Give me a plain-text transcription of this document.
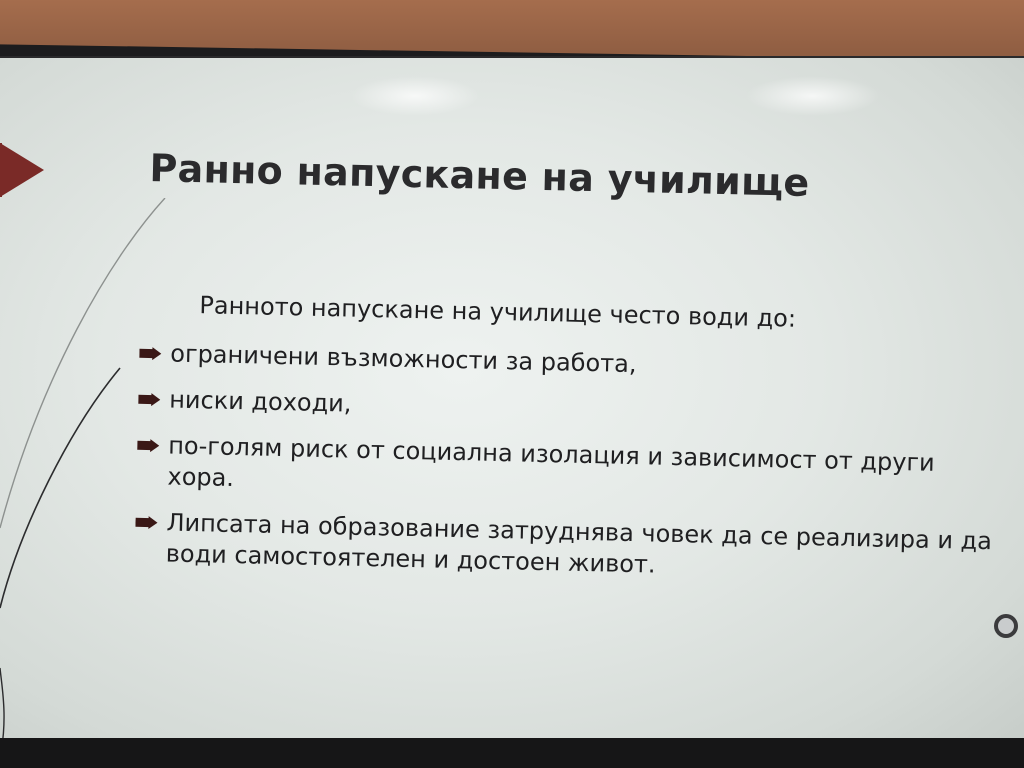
Ранно напускане на училище
Ранното напускане на училище често води до:
ограничени възможности за работа,
ниски доходи,
по-голям риск от социална изолация и зависимост от други хора.
Липсата на образование затруднява човек да се реализира и да води самостоятелен и достоен живот.
